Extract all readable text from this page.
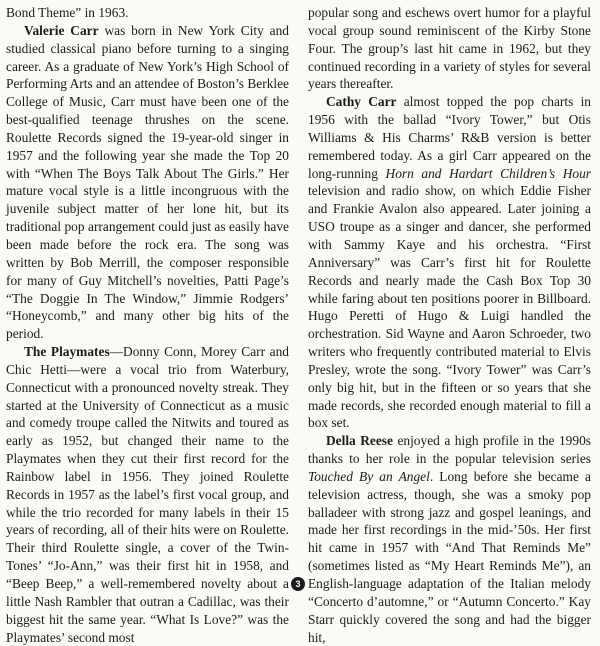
Bond Theme” in 1963.

Valerie Carr was born in New York City and studied classical piano before turning to a singing career. As a graduate of New York’s High School of Performing Arts and an attendee of Boston’s Berklee College of Music, Carr must have been one of the best-qualified teenage thrushes on the scene. Roulette Records signed the 19-year-old singer in 1957 and the following year she made the Top 20 with “When The Boys Talk About The Girls.” Her mature vocal style is a little incongruous with the juvenile subject matter of her lone hit, but its traditional pop arrangement could just as easily have been made before the rock era. The song was written by Bob Merrill, the composer responsible for many of Guy Mitchell’s novelties, Patti Page’s “The Doggie In The Window,” Jimmie Rodgers’ “Honeycomb,” and many other big hits of the period.

The Playmates—Donny Conn, Morey Carr and Chic Hetti—were a vocal trio from Waterbury, Connecticut with a pronounced novelty streak. They started at the University of Connecticut as a music and comedy troupe called the Nitwits and toured as early as 1952, but changed their name to the Playmates when they cut their first record for the Rainbow label in 1956. They joined Roulette Records in 1957 as the label’s first vocal group, and while the trio recorded for many labels in their 15 years of recording, all of their hits were on Roulette. Their third Roulette single, a cover of the Twin-Tones’ “Jo-Ann,” was their first hit in 1958, and “Beep Beep,” a well-remembered novelty about a little Nash Rambler that outran a Cadillac, was their biggest hit the same year. “What Is Love?” was the Playmates’ second most

popular song and eschews overt humor for a playful vocal group sound reminiscent of the Kirby Stone Four. The group’s last hit came in 1962, but they continued recording in a variety of styles for several years thereafter.

Cathy Carr almost topped the pop charts in 1956 with the ballad “Ivory Tower,” but Otis Williams & His Charms’ R&B version is better remembered today. As a girl Carr appeared on the long-running Horn and Hardart Children’s Hour television and radio show, on which Eddie Fisher and Frankie Avalon also appeared. Later joining a USO troupe as a singer and dancer, she performed with Sammy Kaye and his orchestra. “First Anniversary” was Carr’s first hit for Roulette Records and nearly made the Cash Box Top 30 while faring about ten positions poorer in Billboard. Hugo Peretti of Hugo & Luigi handled the orchestration. Sid Wayne and Aaron Schroeder, two writers who frequently contributed material to Elvis Presley, wrote the song. “Ivory Tower” was Carr’s only big hit, but in the fifteen or so years that she made records, she recorded enough material to fill a box set.

Della Reese enjoyed a high profile in the 1990s thanks to her role in the popular television series Touched By an Angel. Long before she became a television actress, though, she was a smoky pop balladeer with strong jazz and gospel leanings, and made her first recordings in the mid-’50s. Her first hit came in 1957 with “And That Reminds Me” (sometimes listed as “My Heart Reminds Me”), an English-language adaptation of the Italian melody “Concerto d’automne,” or “Autumn Concerto.” Kay Starr quickly covered the song and had the bigger hit,

3
